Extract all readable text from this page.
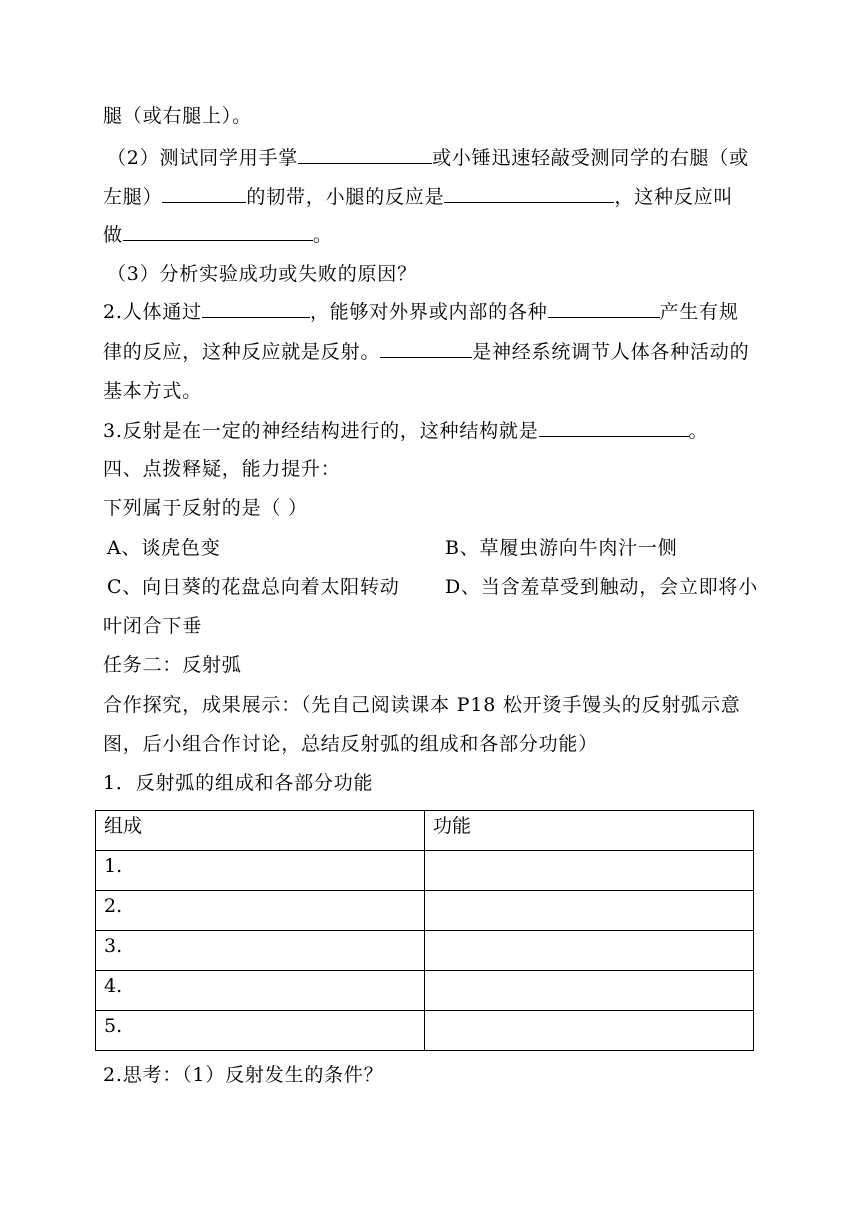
腿（或右腿上）。
（2）测试同学用手掌	或小锤迅速轻敲受测同学的右腿（或
左腿）	的韧带，小腿的反应是	，这种反应叫
做	。
（3）分析实验成功或失败的原因？
2.人体通过	，能够对外界或内部的各种	产生有规
律的反应，这种反应就是反射。	是神经系统调节人体各种活动的
基本方式。
3.反射是在一定的神经结构进行的，这种结构就是	。
四、点拨释疑，能力提升：
下列属于反射的是（ ）
A、谈虎色变	B、草履虫游向牛肉汁一侧
C、向日葵的花盘总向着太阳转动 D、当含羞草受到触动，会立即将小
叶闭合下垂
任务二：反射弧
合作探究，成果展示：（先自己阅读课本 P18 松开烫手馒头的反射弧示意
图，后小组合作讨论，总结反射弧的组成和各部分功能）
1．反射弧的组成和各部分功能
组成	功能
1.	
2.	
3.	
4.	
5.	
2.思考：（1）反射发生的条件？
